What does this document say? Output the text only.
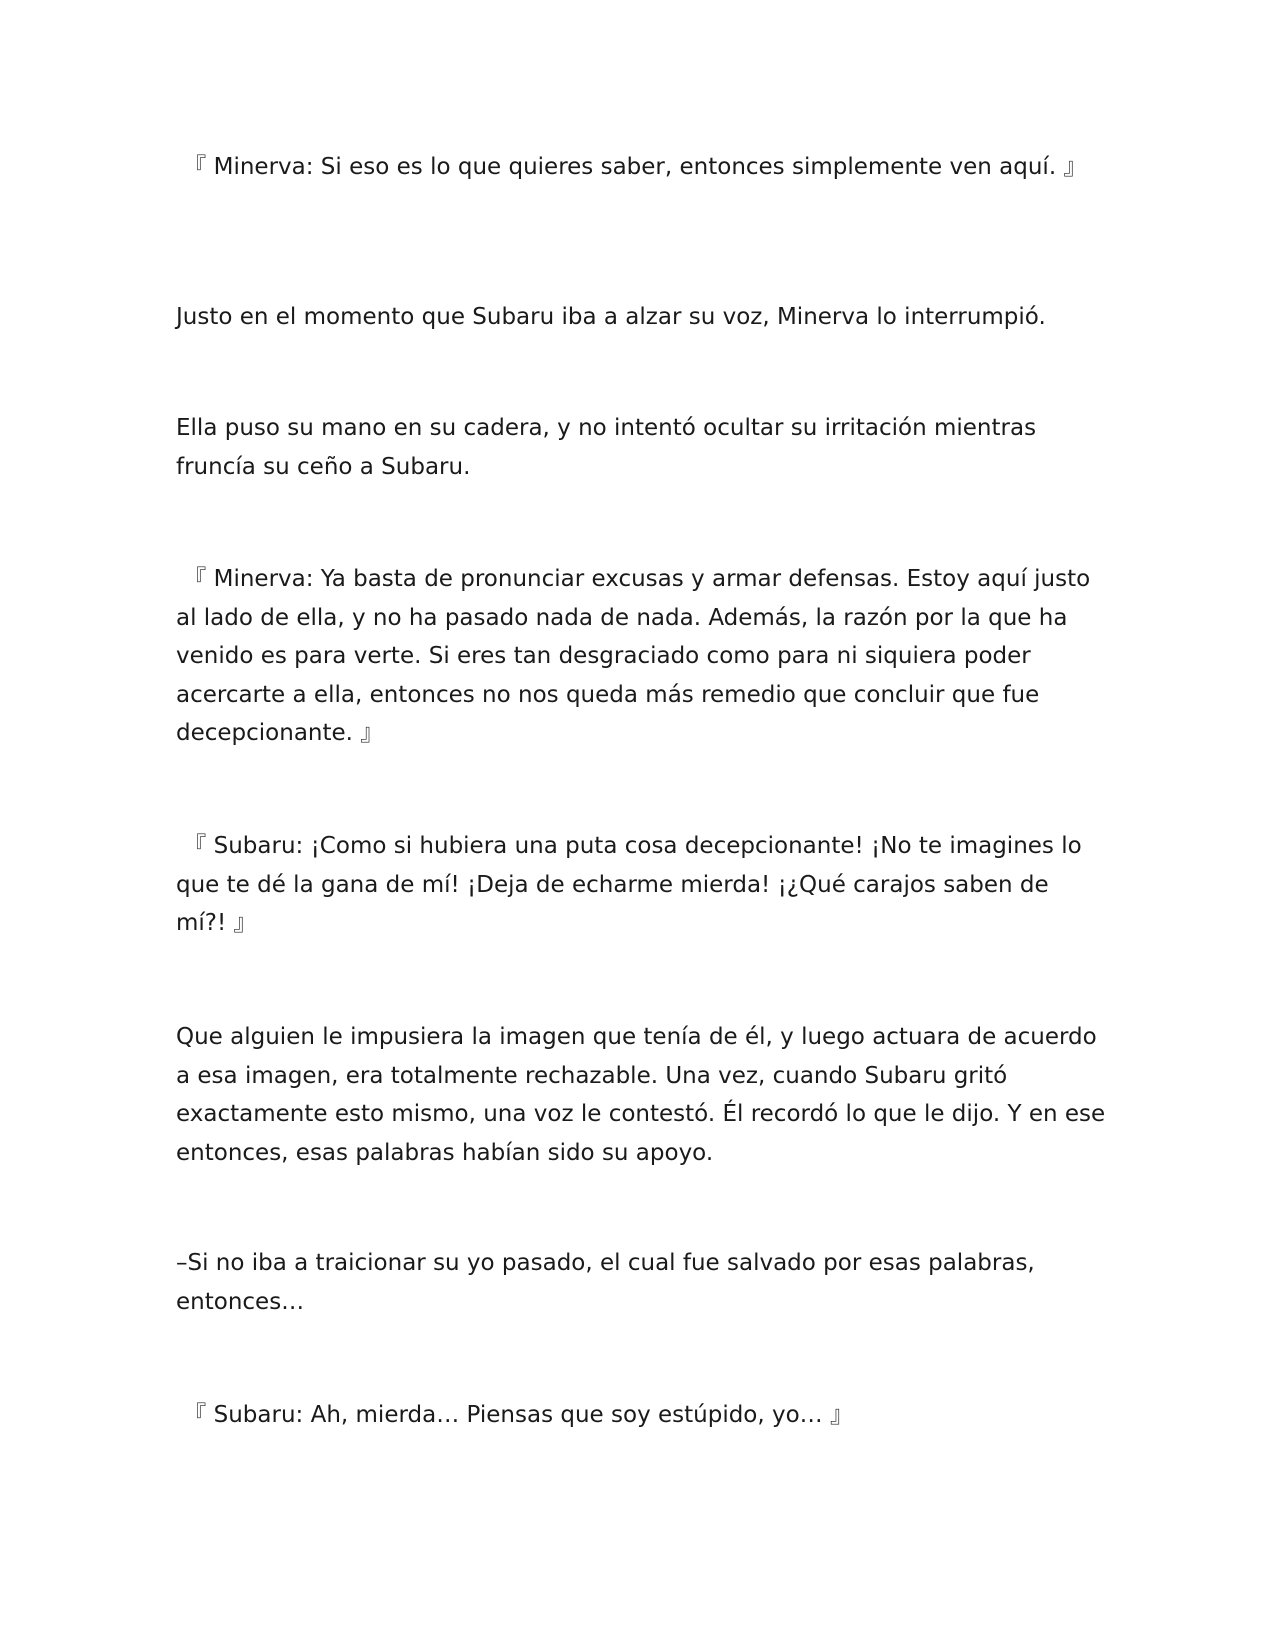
『 Minerva: Si eso es lo que quieres saber, entonces simplemente ven aquí. 』

Justo en el momento que Subaru iba a alzar su voz, Minerva lo interrumpió.

Ella puso su mano en su cadera, y no intentó ocultar su irritación mientras fruncía su ceño a Subaru.

『 Minerva: Ya basta de pronunciar excusas y armar defensas. Estoy aquí justo al lado de ella, y no ha pasado nada de nada. Además, la razón por la que ha venido es para verte. Si eres tan desgraciado como para ni siquiera poder acercarte a ella, entonces no nos queda más remedio que concluir que fue decepcionante. 』

『 Subaru: ¡Como si hubiera una puta cosa decepcionante! ¡No te imagines lo que te dé la gana de mí! ¡Deja de echarme mierda! ¡¿Qué carajos saben de mí?! 』

Que alguien le impusiera la imagen que tenía de él, y luego actuara de acuerdo a esa imagen, era totalmente rechazable. Una vez, cuando Subaru gritó exactamente esto mismo, una voz le contestó. Él recordó lo que le dijo. Y en ese entonces, esas palabras habían sido su apoyo.

–Si no iba a traicionar su yo pasado, el cual fue salvado por esas palabras, entonces…

『 Subaru: Ah, mierda… Piensas que soy estúpido, yo… 』
